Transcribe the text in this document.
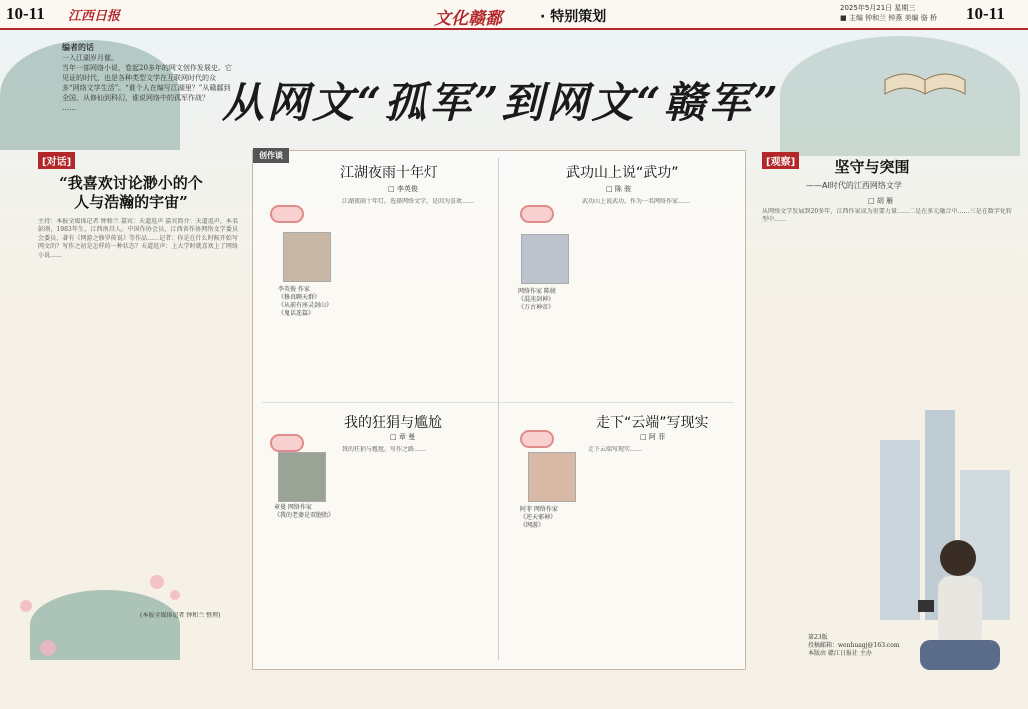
10-11 江西日报	文化赣鄱	· 特别策划
2025年5月21日 星期三
■ 主编 钟和兰 钟燕 美编 骆 桥 10-11
从网文“孤军”到网文“赣军”
编者的话
一入江湖岁月催。
当年一部网络小说，卷起20多年的网文创作发展史。它见证的时代，也是各种类型文学在互联网时代的众多“网络文学生活”。“谁个人在编写江湖里？”从赣鄱到全国，从修仙到科幻，谁说网络中的孤军作战？
……
[对话]
“我喜欢讨论渺小的个人与浩瀚的宇宙”
主持：本报全媒体记者 钟和兰 嘉宾：天道返声 嘉宾简介：天道返声，本名彭刚，1983年生，江西南昌人。中国作协会员，江西省作协网络文学委员会委员，著有《网游之修罗传说》等作品……记者：你是在什么时候开始写网文的？写作之初是怎样的一种状态？天道返声：上大学时就喜欢上了网络小说……
(本报全媒体记者 钟和兰 整理)
创作谈
江湖夜雨十年灯
□ 李英俊
李英俊 作家
《修真聊天群》
《从前有座灵剑山》
《鬼话连篇》
江湖夜雨十年灯。选择网络文学，是因为喜欢……
武功山上说“武功”
□ 陈 骏
网络作家 陈骏
《混沌剑神》
《万古神帝》
武功山上说武功。作为一名网络作家……
我的狂狷与尴尬
□ 章 曼
章曼 网络作家
《我的老婆是双胞胎》
我的狂狷与尴尬。写作之路……
走下“云端”写现实
□ 阿 菲
阿菲 网络作家
《逆天邪神》
《网游》
走下云端写现实……
[观察]	坚守与突围
——AI时代的江西网络文学
□ 胡 雁
从网络文学发展到20多年，江西作家成为重要力量……二是在多元融合中……三是在数字化转型中……
第23版
投稿邮箱：wenhuagj@163.com
本版由 赣江日报社 主办
